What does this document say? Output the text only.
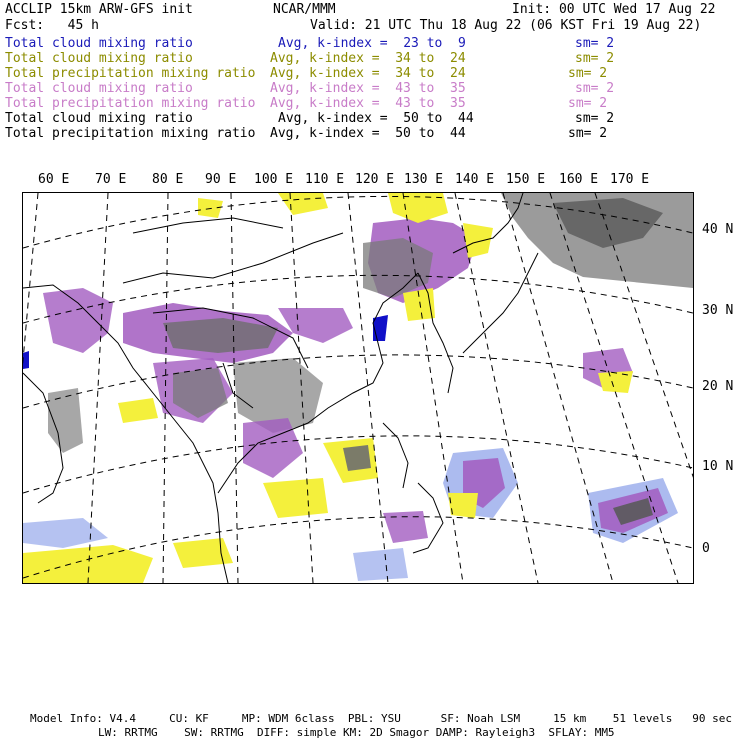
ACCLIP 15km ARW-GFS init	NCAR/MMM	Init: 00 UTC Wed 17 Aug 22
Fcst:   45 h	Valid: 21 UTC Thu 18 Aug 22 (06 KST Fri 19 Aug 22)
Total cloud mixing ratio	Avg, k-index =  23 to  9	sm= 2
Total cloud mixing ratio	Avg, k-index =  34 to  24	sm= 2
Total precipitation mixing ratio Avg, k-index =  34 to  24	sm= 2
Total cloud mixing ratio	Avg, k-index =  43 to  35	sm= 2
Total precipitation mixing ratio Avg, k-index =  43 to  35	sm= 2
Total cloud mixing ratio	Avg, k-index =  50 to  44	sm= 2
Total precipitation mixing ratio Avg, k-index =  50 to  44	sm= 2
60 E 70 E 80 E 90 E 100 E 110 E 120 E 130 E 140 E 150 E 160 E 170 E
40 N
30 N
20 N
10 N
0
Model Info: V4.4     CU: KF     MP: WDM 6class  PBL: YSU      SF: Noah LSM     15 km    51 levels   90 sec
LW: RRTMG    SW: RRTMG  DIFF: simple KM: 2D Smagor DAMP: Rayleigh3  SFLAY: MM5
